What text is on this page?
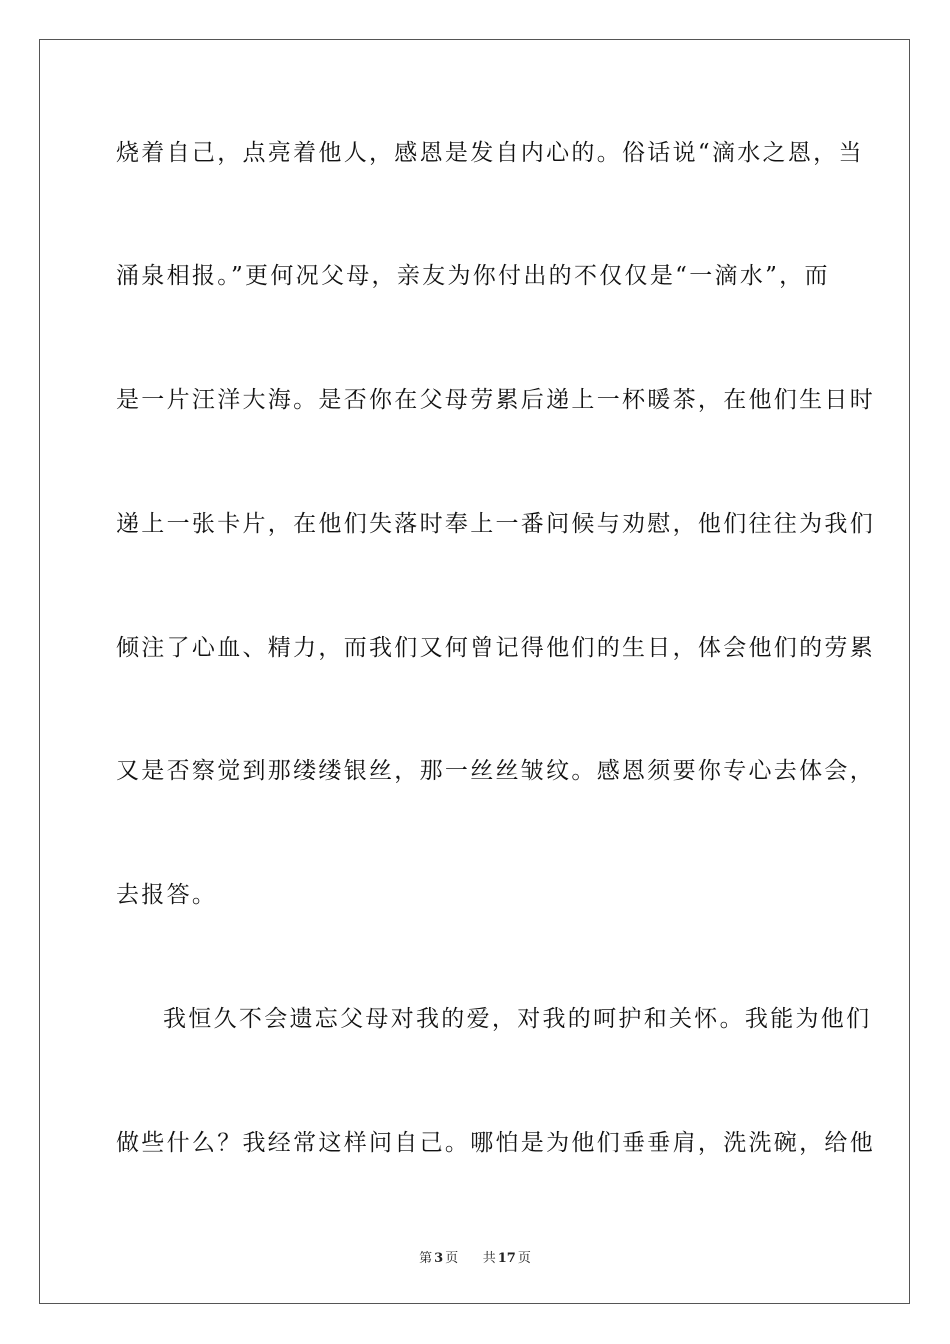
烧着自己，点亮着他人，感恩是发自内心的。俗话说“滴水之恩，当
涌泉相报。”更何况父母，亲友为你付出的不仅仅是“一滴水”，而
是一片汪洋大海。是否你在父母劳累后递上一杯暖茶，在他们生日时
递上一张卡片，在他们失落时奉上一番问候与劝慰，他们往往为我们
倾注了心血、精力，而我们又何曾记得他们的生日，体会他们的劳累
又是否察觉到那缕缕银丝，那一丝丝皱纹。感恩须要你专心去体会，
去报答。
我恒久不会遗忘父母对我的爱，对我的呵护和关怀。我能为他们
做些什么？我经常这样问自己。哪怕是为他们垂垂肩，洗洗碗，给他
第 3 页 共 17 页
